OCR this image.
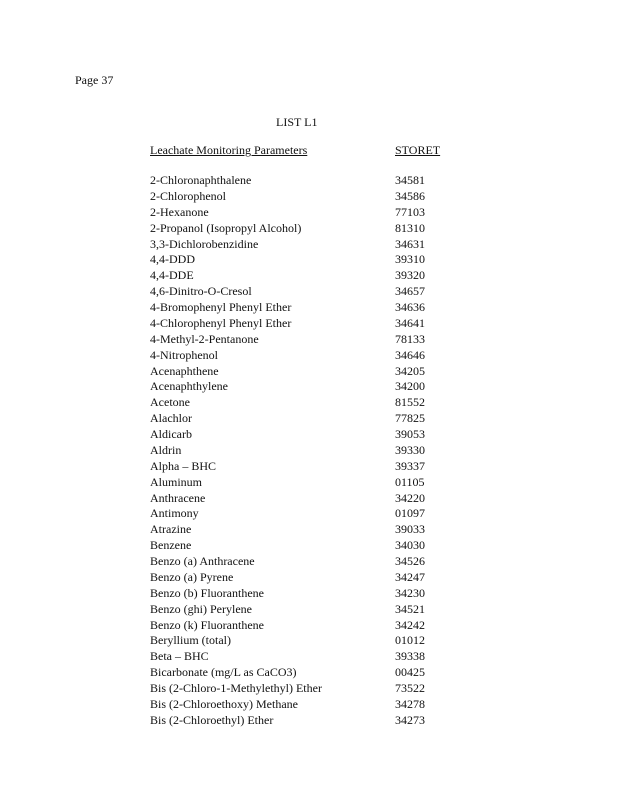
Page 37
LIST L1
Leachate Monitoring Parameters	STORET
2-Chloronaphthalene	34581
2-Chlorophenol	34586
2-Hexanone	77103
2-Propanol (Isopropyl Alcohol)	81310
3,3-Dichlorobenzidine	34631
4,4-DDD	39310
4,4-DDE	39320
4,6-Dinitro-O-Cresol	34657
4-Bromophenyl Phenyl Ether	34636
4-Chlorophenyl Phenyl Ether	34641
4-Methyl-2-Pentanone	78133
4-Nitrophenol	34646
Acenaphthene	34205
Acenaphthylene	34200
Acetone	81552
Alachlor	77825
Aldicarb	39053
Aldrin	39330
Alpha – BHC	39337
Aluminum	01105
Anthracene	34220
Antimony	01097
Atrazine	39033
Benzene	34030
Benzo (a) Anthracene	34526
Benzo (a) Pyrene	34247
Benzo (b) Fluoranthene	34230
Benzo (ghi) Perylene	34521
Benzo (k) Fluoranthene	34242
Beryllium (total)	01012
Beta – BHC	39338
Bicarbonate (mg/L as CaCO3)	00425
Bis (2-Chloro-1-Methylethyl) Ether	73522
Bis (2-Chloroethoxy) Methane	34278
Bis (2-Chloroethyl) Ether	34273
